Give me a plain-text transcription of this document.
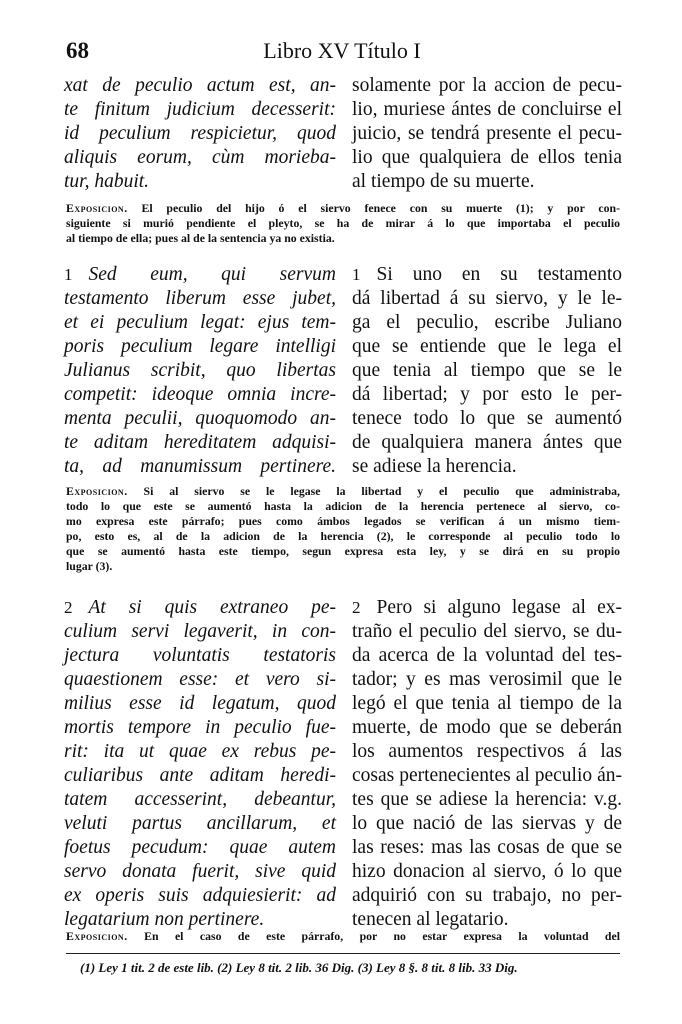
68	Libro XV Título I
xat de peculio actum est, an-
te finitum judicium decesserit:
id peculium respicietur, quod
aliquis eorum, cùm morieba-
tur, habuit.
solamente por la accion de pecu-
lio, muriese ántes de concluirse el
juicio, se tendrá presente el pecu-
lio que qualquiera de ellos tenia
al tiempo de su muerte.
Exposicion. El peculio del hijo ó el siervo fenece con su muerte (1); y por con-
siguiente si murió pendiente el pleyto, se ha de mirar á lo que importaba el peculio
al tiempo de ella; pues al de la sentencia ya no existia.
1 Sed eum, qui servum
testamento liberum esse jubet,
et ei peculium legat: ejus tem-
poris peculium legare intelligi
Julianus scribit, quo libertas
competit: ideoque omnia incre-
menta peculii, quoquomodo an-
te aditam hereditatem adquisi-
ta, ad manumissum pertinere.
1 Si uno en su testamento
dá libertad á su siervo, y le le-
ga el peculio, escribe Juliano
que se entiende que le lega el
que tenia al tiempo que se le
dá libertad; y por esto le per-
tenece todo lo que se aumentó
de qualquiera manera ántes que
se adiese la herencia.
Exposicion. Si al siervo se le legase la libertad y el peculio que administraba,
todo lo que este se aumentó hasta la adicion de la herencia pertenece al siervo, co-
mo expresa este párrafo; pues como ámbos legados se verifican á un mismo tiem-
po, esto es, al de la adicion de la herencia (2), le corresponde al peculio todo lo
que se aumentó hasta este tiempo, segun expresa esta ley, y se dirá en su propio
lugar (3).
2 At si quis extraneo pe-
culium servi legaverit, in con-
jectura voluntatis testatoris
quaestionem esse: et vero si-
milius esse id legatum, quod
mortis tempore in peculio fue-
rit: ita ut quae ex rebus pe-
culiaribus ante aditam heredi-
tatem accesserint, debeantur,
veluti partus ancillarum, et
foetus pecudum: quae autem
servo donata fuerit, sive quid
ex operis suis adquiesierit: ad
legatarium non pertinere.
2 Pero si alguno legase al ex-
traño el peculio del siervo, se du-
da acerca de la voluntad del tes-
tador; y es mas verosimil que le
legó el que tenia al tiempo de la
muerte, de modo que se deberán
los aumentos respectivos á las
cosas pertenecientes al peculio án-
tes que se adiese la herencia: v.g.
lo que nació de las siervas y de
las reses: mas las cosas de que se
hizo donacion al siervo, ó lo que
adquirió con su trabajo, no per-
tenecen al legatario.
Exposicion. En el caso de este párrafo, por no estar expresa la voluntad del
(1) Ley 1 tit. 2 de este lib. (2) Ley 8 tit. 2 lib. 36 Dig. (3) Ley 8 §. 8 tit. 8 lib. 33 Dig.
